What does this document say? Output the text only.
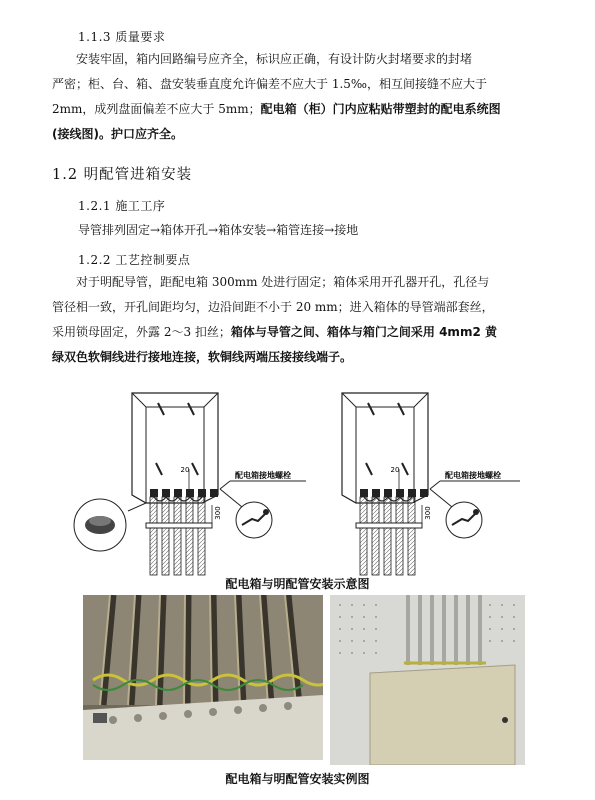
1.1.3 质量要求
安装牢固，箱内回路编号应齐全，标识应正确，有设计防火封堵要求的封堵
严密；柜、台、箱、盘安装垂直度允许偏差不应大于 1.5‰，相互间接缝不应大于
2mm，成列盘面偏差不应大于 5mm；配电箱（柜）门内应粘贴带塑封的配电系统图
(接线图)。护口应齐全。
1.2 明配管进箱安装
1.2.1 施工工序
导管排列固定→箱体开孔→箱体安装→箱管连接→接地
1.2.2 工艺控制要点
对于明配导管，距配电箱 300mm 处进行固定；箱体采用开孔器开孔，孔径与
管径相一致，开孔间距均匀，边沿间距不小于 20 mm；进入箱体的导管端部套丝，
采用锁母固定，外露 2～3 扣丝；箱体与导管之间、箱体与箱门之间采用 4mm2 黄
绿双色软铜线进行接地连接，软铜线两端压接接线端子。
20
300
配电箱接地螺栓
20
300
配电箱接地螺栓
配电箱与明配管安装示意图
配电箱与明配管安装实例图
